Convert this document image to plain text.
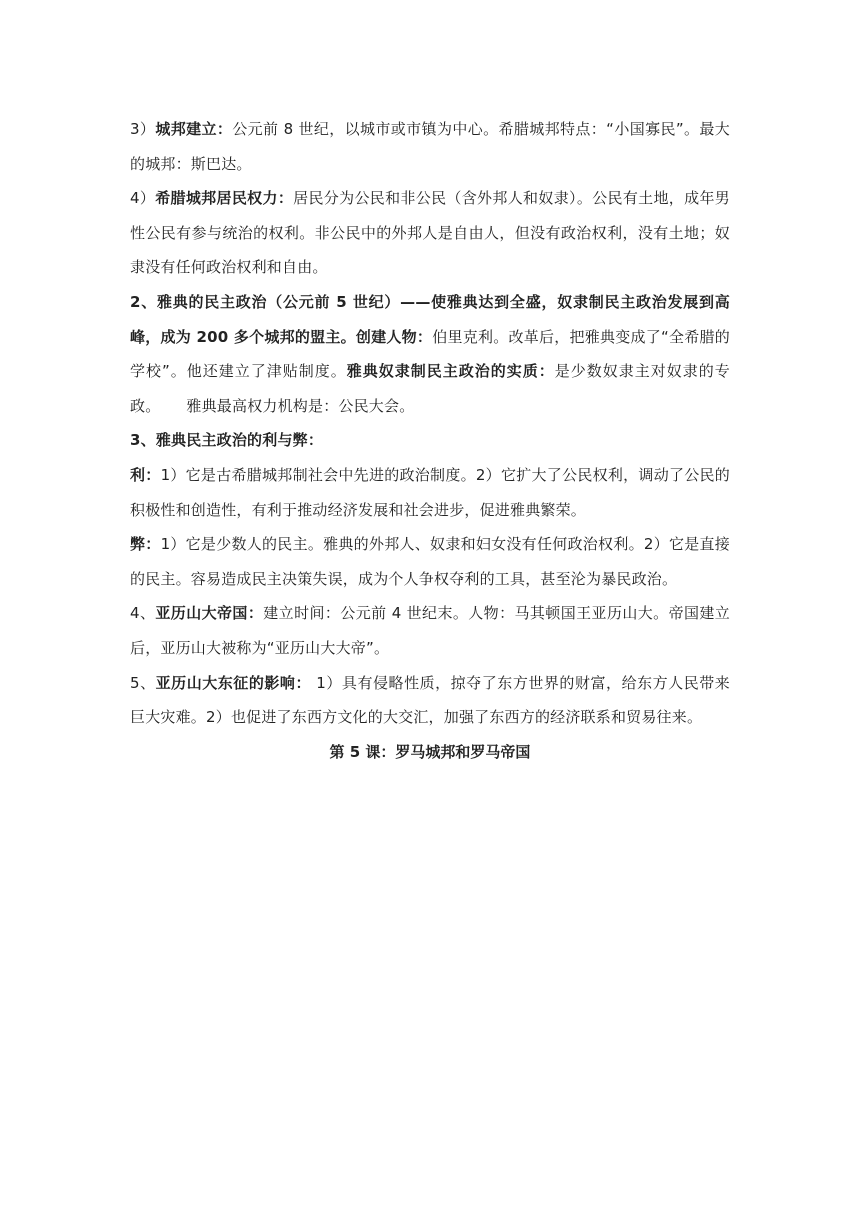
3）城邦建立：公元前 8 世纪，以城市或市镇为中心。希腊城邦特点：“小国寡民”。最大的城邦：斯巴达。

4）希腊城邦居民权力：居民分为公民和非公民（含外邦人和奴隶）。公民有土地，成年男性公民有参与统治的权利。非公民中的外邦人是自由人，但没有政治权利，没有土地；奴隶没有任何政治权利和自由。

2、雅典的民主政治（公元前 5 世纪）——使雅典达到全盛，奴隶制民主政治发展到高峰，成为 200 多个城邦的盟主。创建人物：伯里克利。改革后，把雅典变成了“全希腊的学校”。他还建立了津贴制度。雅典奴隶制民主政治的实质：是少数奴隶主对奴隶的专政。 雅典最高权力机构是：公民大会。

3、雅典民主政治的利与弊：

利：1）它是古希腊城邦制社会中先进的政治制度。2）它扩大了公民权利，调动了公民的积极性和创造性，有利于推动经济发展和社会进步，促进雅典繁荣。

弊：1）它是少数人的民主。雅典的外邦人、奴隶和妇女没有任何政治权利。2）它是直接的民主。容易造成民主决策失误，成为个人争权夺利的工具，甚至沦为暴民政治。

4、亚历山大帝国：建立时间：公元前 4 世纪末。人物：马其顿国王亚历山大。帝国建立后，亚历山大被称为“亚历山大大帝”。

5、亚历山大东征的影响： 1）具有侵略性质，掠夺了东方世界的财富，给东方人民带来巨大灾难。2）也促进了东西方文化的大交汇，加强了东西方的经济联系和贸易往来。

第 5 课：罗马城邦和罗马帝国
